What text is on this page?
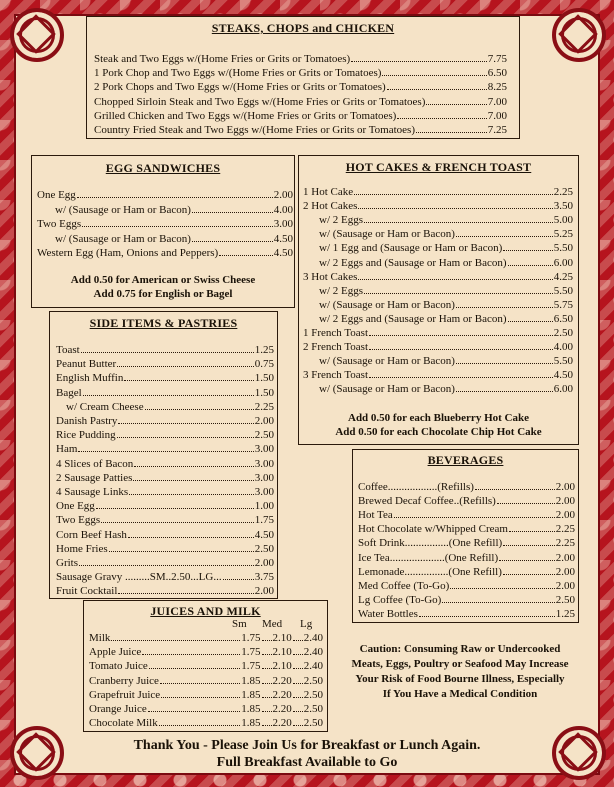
STEAKS, CHOPS and CHICKEN
Steak and Two Eggs w/(Home Fries or Grits or Tomatoes)	7.75
1 Pork Chop and Two Eggs w/(Home Fries or Grits or Tomatoes)	6.50
2 Pork Chops and Two Eggs w/(Home Fries or Grits or Tomatoes)	8.25
Chopped Sirloin Steak and Two Eggs w/(Home Fries or Grits or Tomatoes)	7.00
Grilled Chicken and Two Eggs w/(Home Fries or Grits or Tomatoes)	7.00
Country Fried Steak and Two Eggs w/(Home Fries or Grits or Tomatoes)	7.25
EGG SANDWICHES
Add 0.50 for American or Swiss Cheese
Add 0.75 for English or Bagel
One Egg	2.00
w/ (Sausage or Ham or Bacon)	4.00
Two Eggs	3.00
w/ (Sausage or Ham or Bacon)	4.50
Western Egg (Ham, Onions and Peppers)	4.50
HOT CAKES & FRENCH TOAST
Add 0.50 for each Blueberry Hot Cake
Add 0.50 for each Chocolate Chip Hot Cake
1 Hot Cake	2.25
2 Hot Cakes	3.50
w/ 2 Eggs	5.00
w/ (Sausage or Ham or Bacon)	5.25
w/ 1 Egg and (Sausage or Ham or Bacon)	5.50
w/ 2 Eggs and (Sausage or Ham or Bacon)	6.00
3 Hot Cakes	4.25
w/ 2 Eggs	5.50
w/ (Sausage or Ham or Bacon)	5.75
w/ 2 Eggs and (Sausage or Ham or Bacon)	6.50
1 French Toast	2.50
2 French Toast	4.00
w/ (Sausage or Ham or Bacon)	5.50
3 French Toast	4.50
w/ (Sausage or Ham or Bacon)	6.00
SIDE ITEMS & PASTRIES
Toast	1.25
Peanut Butter	0.75
English Muffin	1.50
Bagel	1.50
w/ Cream Cheese	2.25
Danish Pastry	2.00
Rice Pudding	2.50
Ham	3.00
4 Slices of Bacon	3.00
2 Sausage Patties	3.00
4 Sausage Links	3.00
One Egg	1.00
Two Eggs	1.75
Corn Beef Hash	4.50
Home Fries	2.50
Grits	2.00
Sausage Gravy .........SM..2.50...LG...	3.75
Fruit Cocktail	2.00
JUICES AND MILK
Sm Med Lg
Milk	1.75 2.10 2.40
Apple Juice	1.75 2.10 2.40
Tomato Juice	1.75 2.10 2.40
Cranberry Juice	1.85 2.20 2.50
Grapefruit Juice	1.85 2.20 2.50
Orange Juice	1.85 2.20 2.50
Chocolate Milk	1.85 2.20 2.50
BEVERAGES
Coffee..................(Refills)	2.00
Brewed Decaf Coffee..(Refills)	2.00
Hot Tea	2.00
Hot Chocolate w/Whipped Cream	2.25
Soft Drink................(One Refill)	2.25
Ice Tea....................(One Refill)	2.00
Lemonade................(One Refill)	2.00
Med Coffee (To-Go)	2.00
Lg Coffee (To-Go)	2.50
Water Bottles	1.25
Caution: Consuming Raw or Undercooked
Meats, Eggs, Poultry or Seafood May Increase
Your Risk of Food Bourne Illness, Especially
If You Have a Medical Condition
Thank You - Please Join Us for Breakfast or Lunch Again.
Full Breakfast Available to Go
